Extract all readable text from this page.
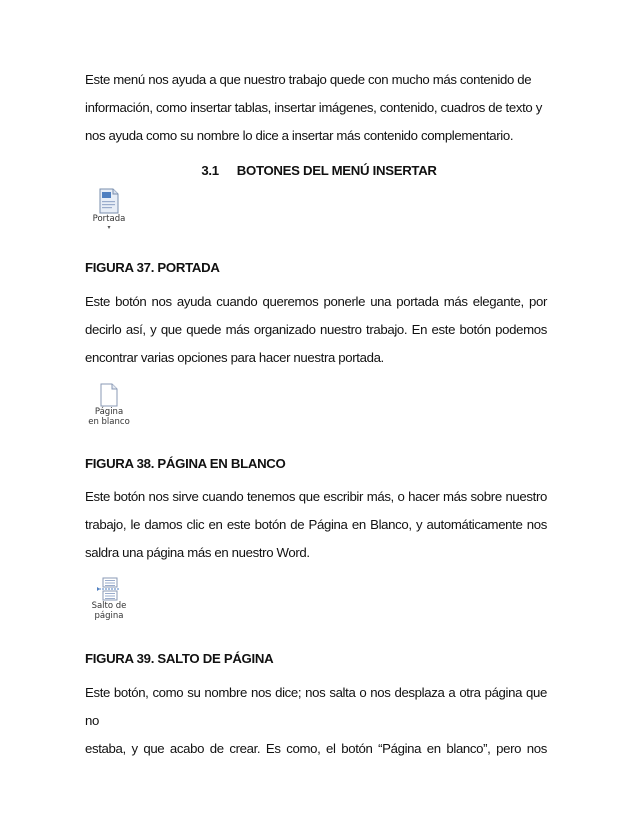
Este menú nos ayuda a que nuestro trabajo quede con mucho más contenido de
información, como insertar tablas, insertar imágenes, contenido, cuadros de texto y
nos ayuda como su nombre lo dice a insertar más contenido complementario.
3.1 BOTONES DEL MENÚ INSERTAR
Portada
▾
FIGURA 37. PORTADA
Este botón nos ayuda cuando queremos ponerle una portada más elegante, por
decirlo así, y que quede más organizado nuestro trabajo. En este botón podemos
encontrar varias opciones para hacer nuestra portada.
Página
en blanco
FIGURA 38. PÁGINA EN BLANCO
Este botón nos sirve cuando tenemos que escribir más, o hacer más sobre nuestro
trabajo, le damos clic en este botón de Página en Blanco, y automáticamente nos
saldra una página más en nuestro Word.
Salto de
página
FIGURA 39. SALTO DE PÁGINA
Este botón, como su nombre nos dice; nos salta o nos desplaza a otra página que no
estaba, y que acabo de crear. Es como, el botón “Página en blanco”, pero nos
